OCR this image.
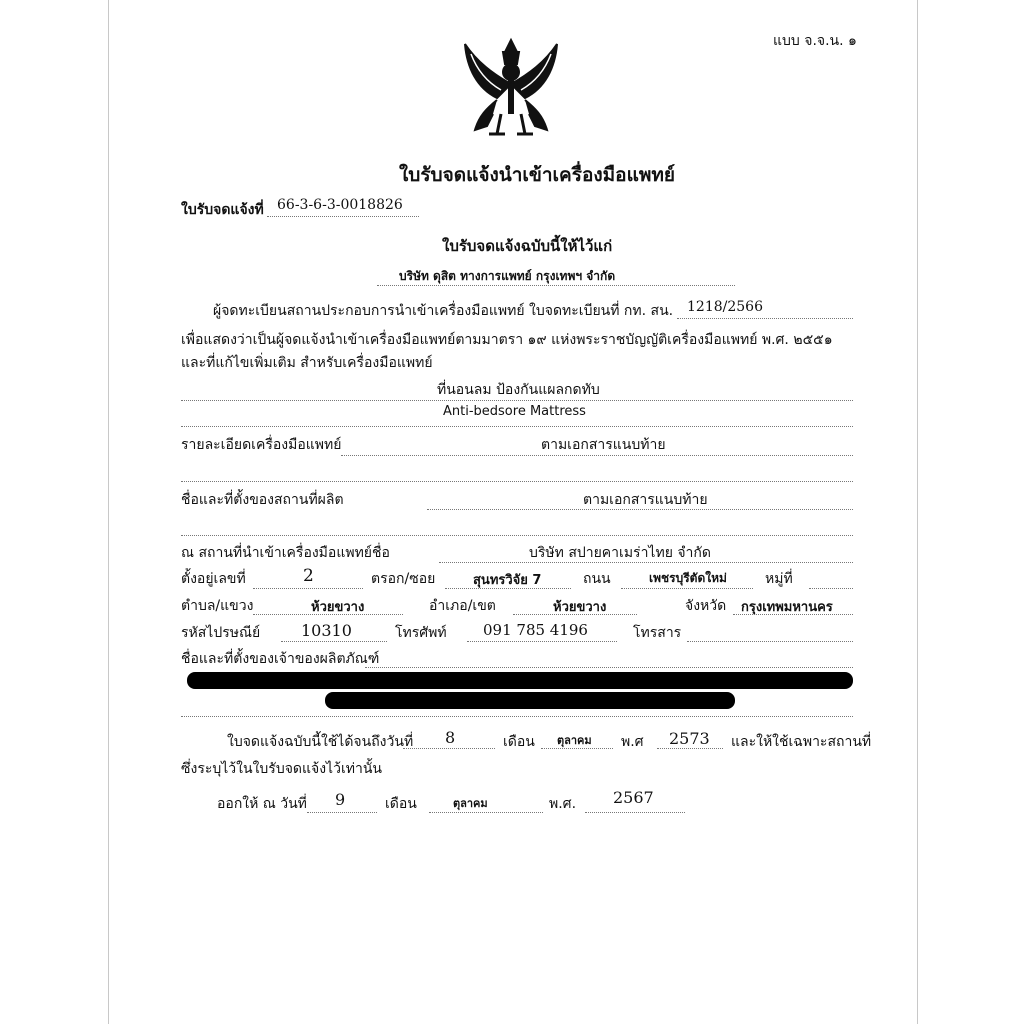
แบบ จ.จ.น. ๑
ใบรับจดแจ้งนำเข้าเครื่องมือแพทย์
ใบรับจดแจ้งที่ 66-3-6-3-0018826
ใบรับจดแจ้งฉบับนี้ให้ไว้แก่
บริษัท ดุสิต ทางการแพทย์ กรุงเทพฯ จำกัด
ผู้จดทะเบียนสถานประกอบการนำเข้าเครื่องมือแพทย์ ใบจดทะเบียนที่ กท. สน. 1218/2566
เพื่อแสดงว่าเป็นผู้จดแจ้งนำเข้าเครื่องมือแพทย์ตามมาตรา ๑๙ แห่งพระราชบัญญัติเครื่องมือแพทย์ พ.ศ. ๒๕๕๑
และที่แก้ไขเพิ่มเติม สำหรับเครื่องมือแพทย์
ที่นอนลม ป้องกันแผลกดทับ
Anti-bedsore Mattress
รายละเอียดเครื่องมือแพทย์	ตามเอกสารแนบท้าย
ชื่อและที่ตั้งของสถานที่ผลิต	ตามเอกสารแนบท้าย
ณ สถานที่นำเข้าเครื่องมือแพทย์ชื่อ	บริษัท สปายคาเมร่าไทย จำกัด
ตั้งอยู่เลขที่	2	ตรอก/ซอย	สุนทรวิจัย 7	ถนน	เพชรบุรีตัดใหม่	หมู่ที่
ตำบล/แขวง	ห้วยขวาง	อำเภอ/เขต	ห้วยขวาง	จังหวัด กรุงเทพมหานคร
รหัสไปรษณีย์	10310	โทรศัพท์ 091 785 4196	โทรสาร
ชื่อและที่ตั้งของเจ้าของผลิตภัณฑ์
ใบจดแจ้งฉบับนี้ใช้ได้จนถึงวันที่ 8	เดือน ตุลาคม พ.ศ 2573 และให้ใช้เฉพาะสถานที่
ซึ่งระบุไว้ในใบรับจดแจ้งไว้เท่านั้น
ออกให้ ณ วันที่ 9	เดือน	ตุลาคม	พ.ศ. 2567
